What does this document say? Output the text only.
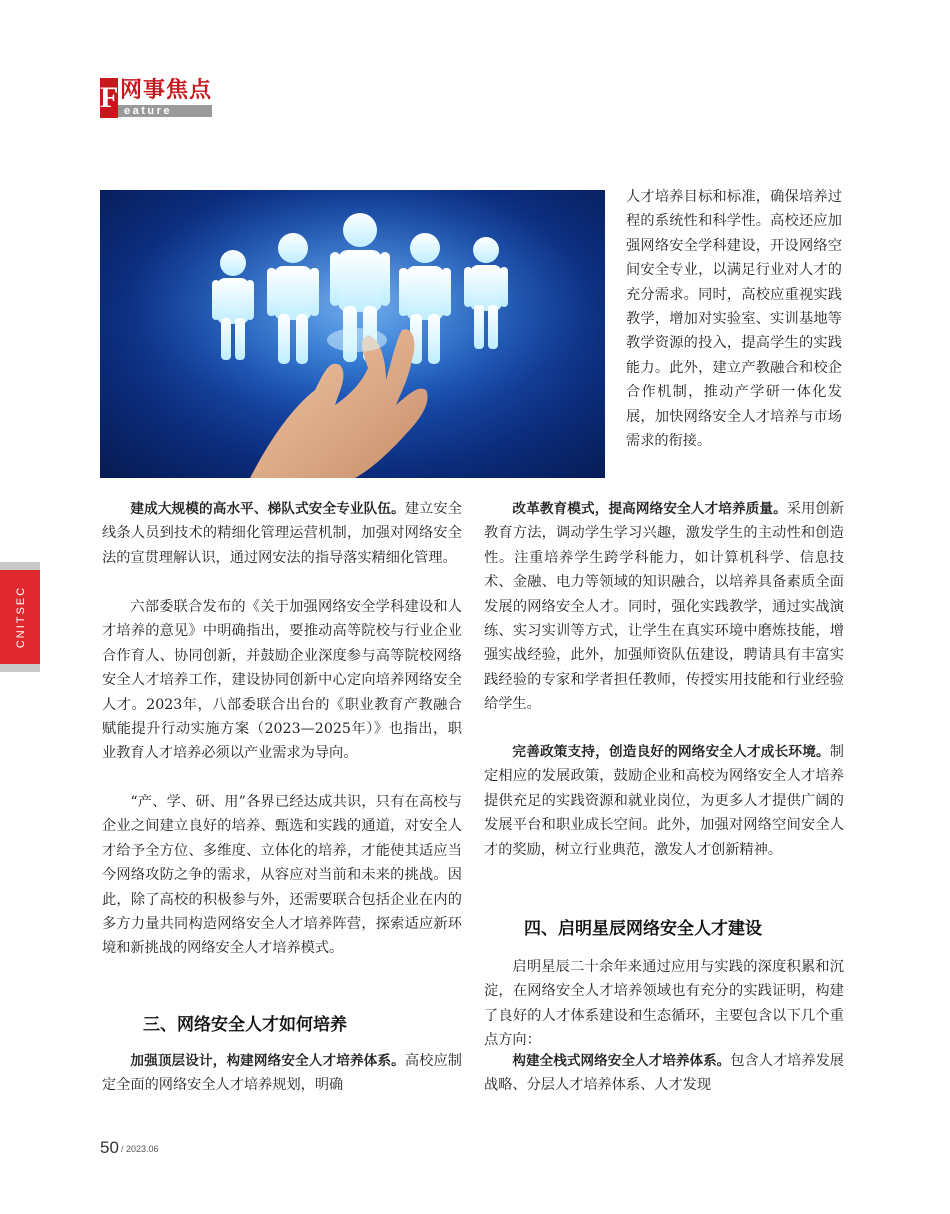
F 网事焦点
eature
CNITSEC

人才培养目标和标准，确保培养过程的系统性和科学性。高校还应加强网络安全学科建设，开设网络空间安全专业，以满足行业对人才的充分需求。同时，高校应重视实践教学，增加对实验室、实训基地等教学资源的投入，提高学生的实践能力。此外，建立产教融合和校企合作机制，推动产学研一体化发展，加快网络安全人才培养与市场需求的衔接。

建成大规模的高水平、梯队式安全专业队伍。建立安全线条人员到技术的精细化管理运营机制，加强对网络安全法的宣贯理解认识，通过网安法的指导落实精细化管理。

六部委联合发布的《关于加强网络安全学科建设和人才培养的意见》中明确指出，要推动高等院校与行业企业合作育人、协同创新，并鼓励企业深度参与高等院校网络安全人才培养工作，建设协同创新中心定向培养网络安全人才。2023年，八部委联合出台的《职业教育产教融合赋能提升行动实施方案（2023—2025年）》也指出，职业教育人才培养必须以产业需求为导向。

“产、学、研、用”各界已经达成共识，只有在高校与企业之间建立良好的培养、甄选和实践的通道，对安全人才给予全方位、多维度、立体化的培养，才能使其适应当今网络攻防之争的需求，从容应对当前和未来的挑战。因此，除了高校的积极参与外，还需要联合包括企业在内的多方力量共同构造网络安全人才培养阵营，探索适应新环境和新挑战的网络安全人才培养模式。

三、网络安全人才如何培养

加强顶层设计，构建网络安全人才培养体系。高校应制定全面的网络安全人才培养规划，明确

改革教育模式，提高网络安全人才培养质量。采用创新教育方法，调动学生学习兴趣，激发学生的主动性和创造性。注重培养学生跨学科能力，如计算机科学、信息技术、金融、电力等领域的知识融合，以培养具备素质全面发展的网络安全人才。同时，强化实践教学，通过实战演练、实习实训等方式，让学生在真实环境中磨炼技能，增强实战经验，此外，加强师资队伍建设，聘请具有丰富实践经验的专家和学者担任教师，传授实用技能和行业经验给学生。

完善政策支持，创造良好的网络安全人才成长环境。制定相应的发展政策，鼓励企业和高校为网络安全人才培养提供充足的实践资源和就业岗位，为更多人才提供广阔的发展平台和职业成长空间。此外，加强对网络空间安全人才的奖励，树立行业典范，激发人才创新精神。

四、启明星辰网络安全人才建设

启明星辰二十余年来通过应用与实践的深度积累和沉淀，在网络安全人才培养领域也有充分的实践证明，构建了良好的人才体系建设和生态循环，主要包含以下几个重点方向：

构建全栈式网络安全人才培养体系。包含人才培养发展战略、分层人才培养体系、人才发现

50 / 2023.06
